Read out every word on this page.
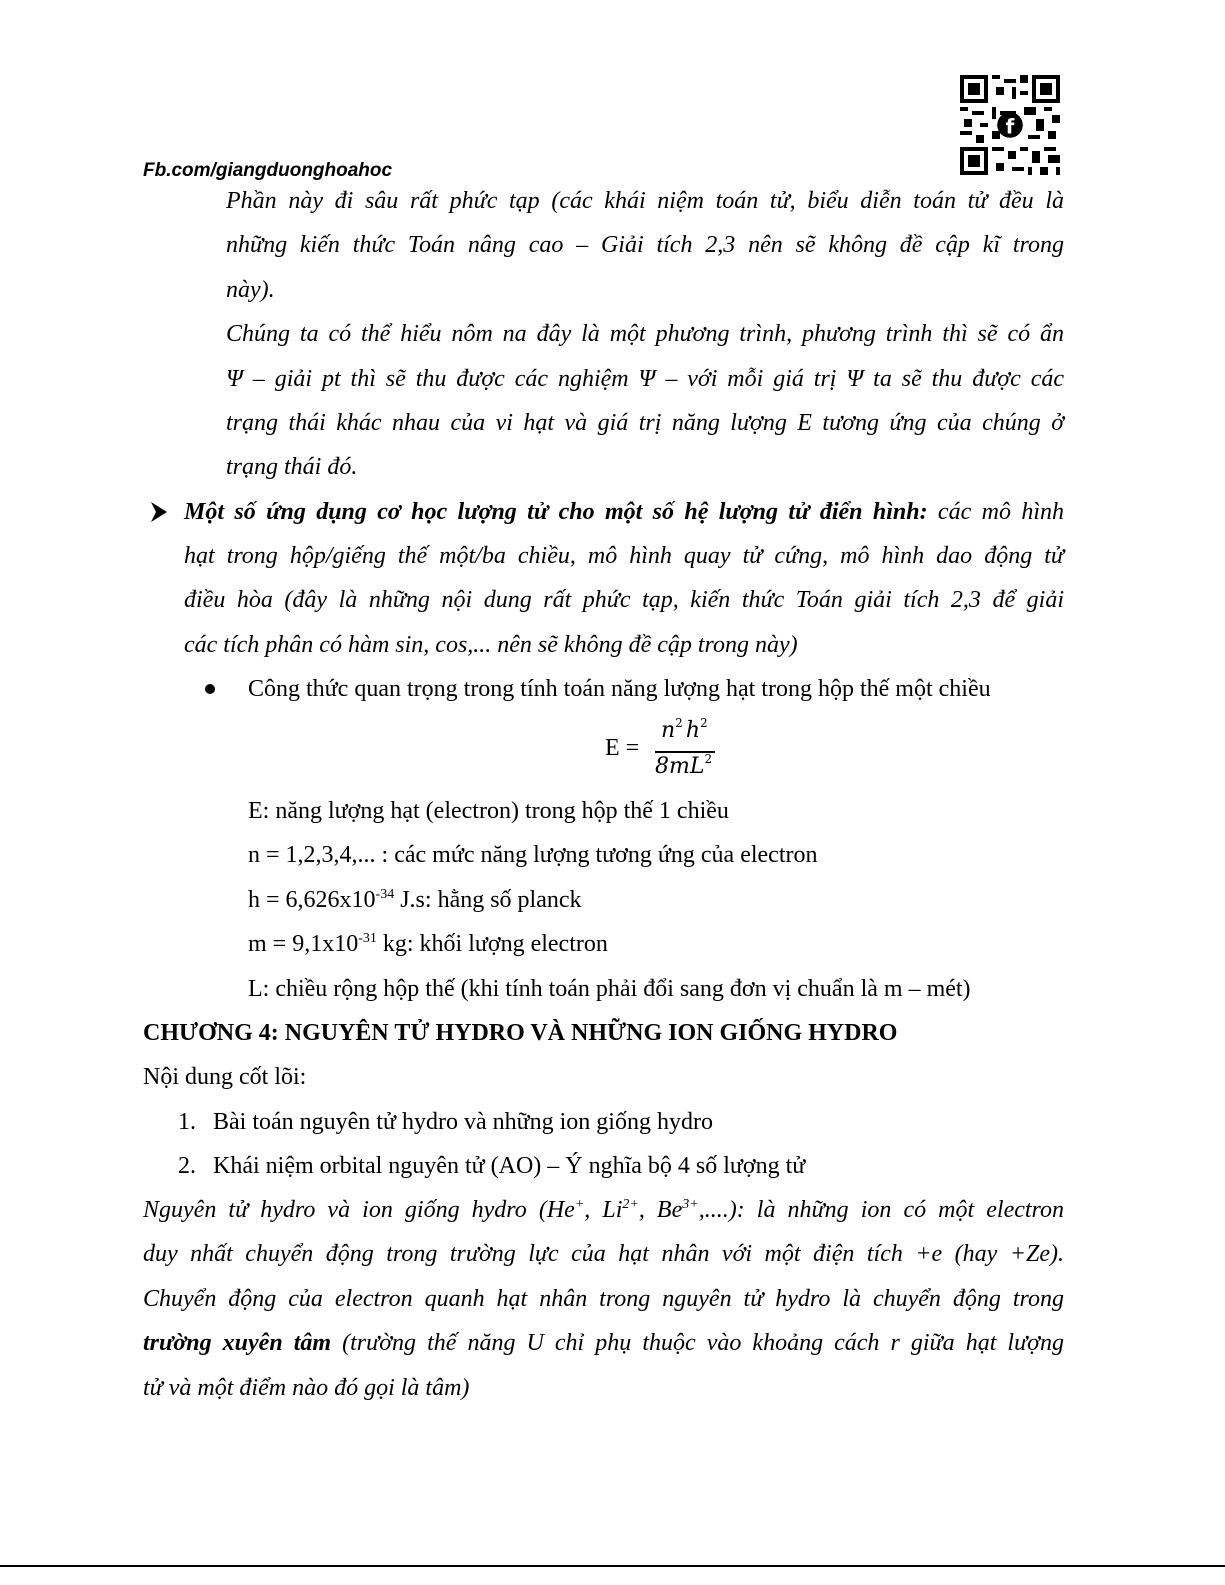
Fb.com/giangduonghoahoc
f
Phần này đi sâu rất phức tạp (các khái niệm toán tử, biểu diễn toán tử đều là
những kiến thức Toán nâng cao – Giải tích 2,3 nên sẽ không đề cập kĩ trong
này).
Chúng ta có thể hiểu nôm na đây là một phương trình, phương trình thì sẽ có ẩn
Ψ – giải pt thì sẽ thu được các nghiệm Ψ – với mỗi giá trị Ψ ta sẽ thu được các
trạng thái khác nhau của vi hạt và giá trị năng lượng E tương ứng của chúng ở
trạng thái đó.
Một số ứng dụng cơ học lượng tử cho một số hệ lượng tử điển hình: các mô hình
hạt trong hộp/giếng thế một/ba chiều, mô hình quay tử cứng, mô hình dao động tử
điều hòa (đây là những nội dung rất phức tạp, kiến thức Toán giải tích 2,3 để giải
các tích phân có hàm sin, cos,... nên sẽ không đề cập trong này)
Công thức quan trọng trong tính toán năng lượng hạt trong hộp thế một chiều
E =
$n^2$ $h^2$
$8mL^2$
E: năng lượng hạt (electron) trong hộp thế 1 chiều
n = 1,2,3,4,... : các mức năng lượng tương ứng của electron
$h = 6,626x10^{-34}$ J.s: hằng số planck
$m = 9,1x10^{-31}$ kg: khối lượng electron
L: chiều rộng hộp thế (khi tính toán phải đổi sang đơn vị chuẩn là m – mét)
CHƯƠNG 4: NGUYÊN TỬ HYDRO VÀ NHỮNG ION GIỐNG HYDRO
Nội dung cốt lõi:
1. Bài toán nguyên tử hydro và những ion giống hydro
2. Khái niệm orbital nguyên tử (AO) – Ý nghĩa bộ 4 số lượng tử
Nguyên tử hydro và ion giống hydro (He+, $Li^{2+}$, $Be^{3+}$,....): là những ion có một electron
duy nhất chuyển động trong trường lực của hạt nhân với một điện tích +e (hay +Ze).
Chuyển động của electron quanh hạt nhân trong nguyên tử hydro là chuyển động trong
trường xuyên tâm (trường thế năng U chỉ phụ thuộc vào khoảng cách r giữa hạt lượng
tử và một điểm nào đó gọi là tâm)
